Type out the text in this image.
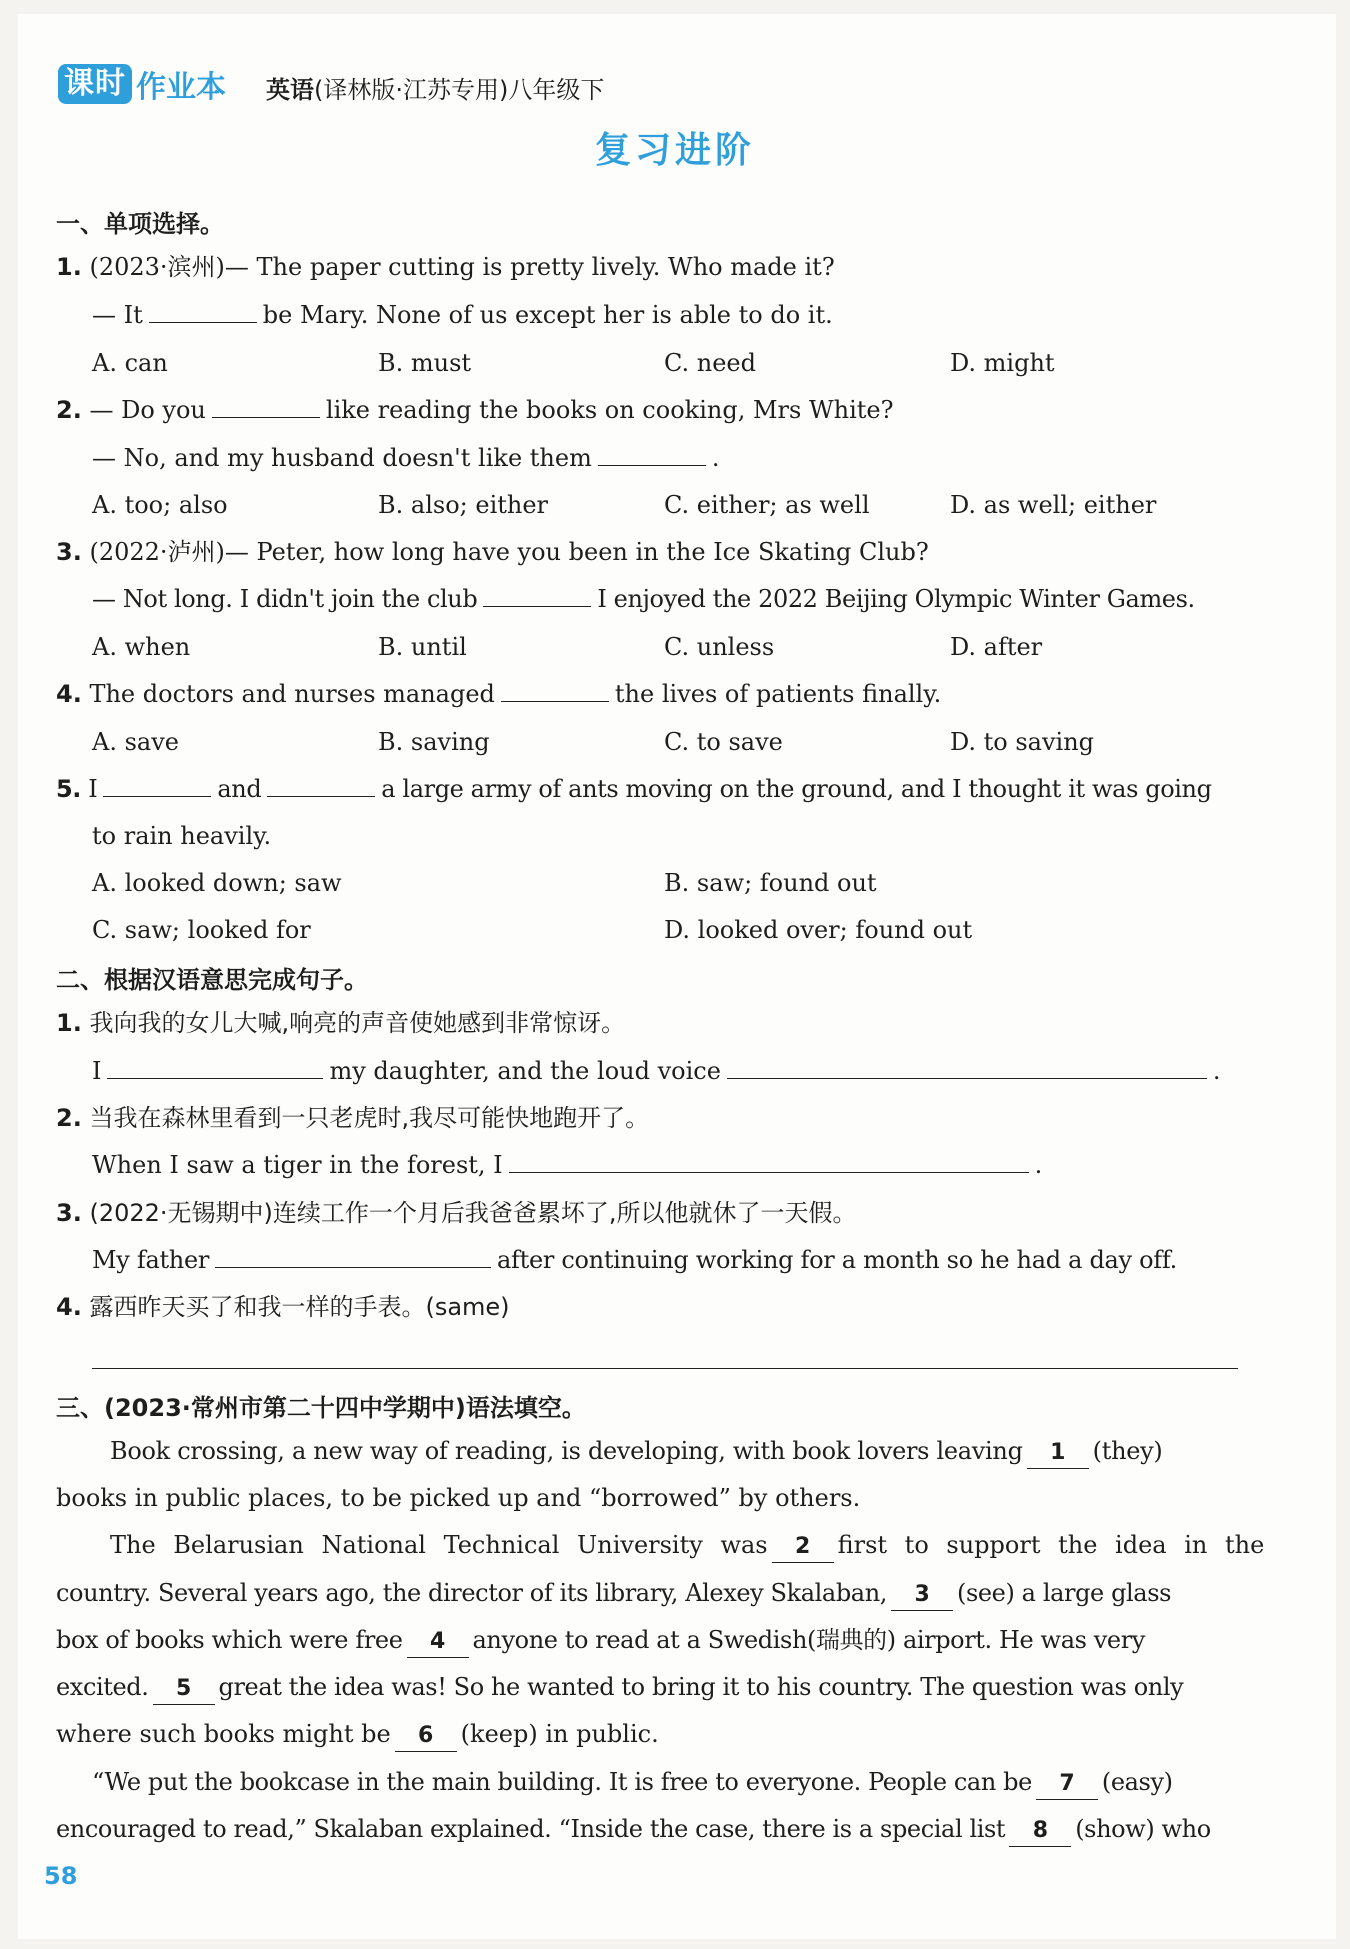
课时 作业本 英语(译林版·江苏专用)八年级下
复习进阶
一、单项选择。
1. (2023·滨州)— The paper cutting is pretty lively. Who made it?
— It	be Mary. None of us except her is able to do it.
A. can	B. must	C. need	D. might
2. — Do you	like reading the books on cooking, Mrs White?
— No, and my husband doesn't like them	.
A. too; also	B. also; either	C. either; as well	D. as well; either
3. (2022·泸州)— Peter, how long have you been in the Ice Skating Club?
— Not long. I didn't join the club	I enjoyed the 2022 Beijing Olympic Winter Games.
A. when	B. until	C. unless	D. after
4. The doctors and nurses managed	the lives of patients finally.
A. save	B. saving	C. to save	D. to saving
5. I	and	a large army of ants moving on the ground, and I thought it was going
to rain heavily.
A. looked down; saw	B. saw; found out
C. saw; looked for	D. looked over; found out
二、根据汉语意思完成句子。
1. 我向我的女儿大喊,响亮的声音使她感到非常惊讶。
I	my daughter, and the loud voice	.
2. 当我在森林里看到一只老虎时,我尽可能快地跑开了。
When I saw a tiger in the forest, I	.
3. (2022·无锡期中)连续工作一个月后我爸爸累坏了,所以他就休了一天假。
My father	after continuing working for a month so he had a day off.
4. 露西昨天买了和我一样的手表。(same)
三、(2023·常州市第二十四中学期中)语法填空。
Book crossing, a new way of reading, is developing, with book lovers leaving 1 (they)
books in public places, to be picked up and “borrowed” by others.
The Belarusian National Technical University was 2 first to support the idea in the
country. Several years ago, the director of its library, Alexey Skalaban, 3 (see) a large glass
box of books which were free 4 anyone to read at a Swedish(瑞典的) airport. He was very
excited. 5 great the idea was! So he wanted to bring it to his country. The question was only
where such books might be 6 (keep) in public.
“We put the bookcase in the main building. It is free to everyone. People can be 7 (easy)
encouraged to read,” Skalaban explained. “Inside the case, there is a special list 8 (show) who
58
